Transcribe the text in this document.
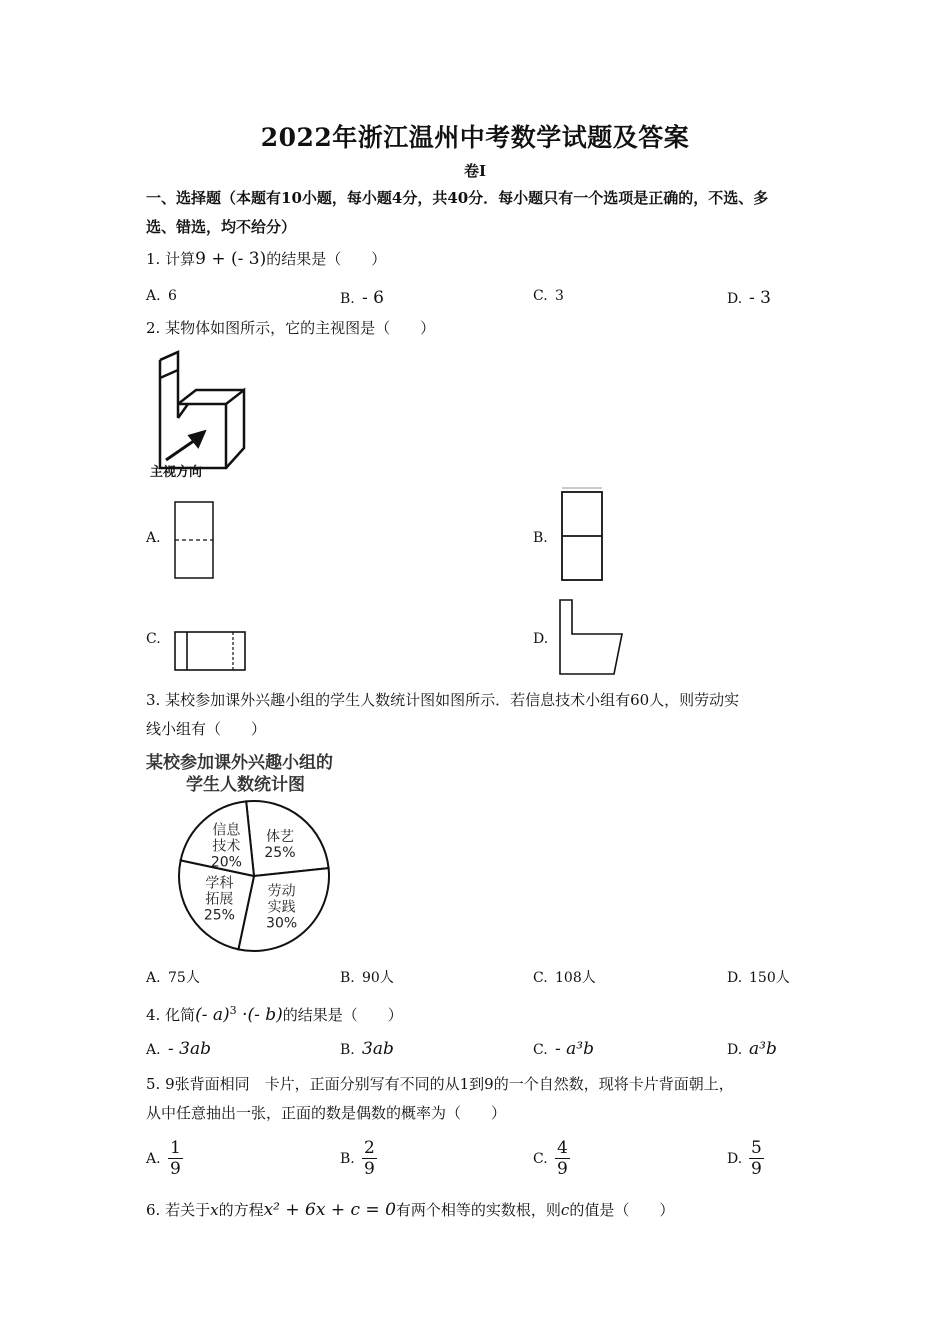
2022年浙江温州中考数学试题及答案
卷Ⅰ
一、选择题（本题有10小题，每小题4分，共40分．每小题只有一个选项是正确的，不选、多
选、错选，均不给分）
1. 计算9 + (- 3)的结果是（　　）
A. 6	B. - 6	C. 3	D. - 3
2. 某物体如图所示，它的主视图是（　　）
主视方向
A.	B.
C.	D.
3. 某校参加课外兴趣小组的学生人数统计图如图所示．若信息技术小组有60人，则劳动实
线小组有（　　）
某校参加课外兴趣小组的
学生人数统计图
体艺
25%
劳动
实践
30%
学科
拓展
25%
信息
技术
20%
A. 75人	B. 90人	C. 108人	D. 150人
4. 化简(- a)$^3$ ·(- b)的结果是（　　）
A. - 3ab	B. 3ab	C. - a³b	D. a³b
5. 9张背面相同　卡片，正面分别写有不同的从1到9的一个自然数，现将卡片背面朝上，
从中任意抽出一张，正面的数是偶数的概率为（　　）
A. $\frac{1}{9}$	B. $\frac{2}{9}$	C. $\frac{4}{9}$	D. $\frac{5}{9}$
6. 若关于x的方程x² + 6x + c = 0有两个相等的实数根，则c的值是（　　）
